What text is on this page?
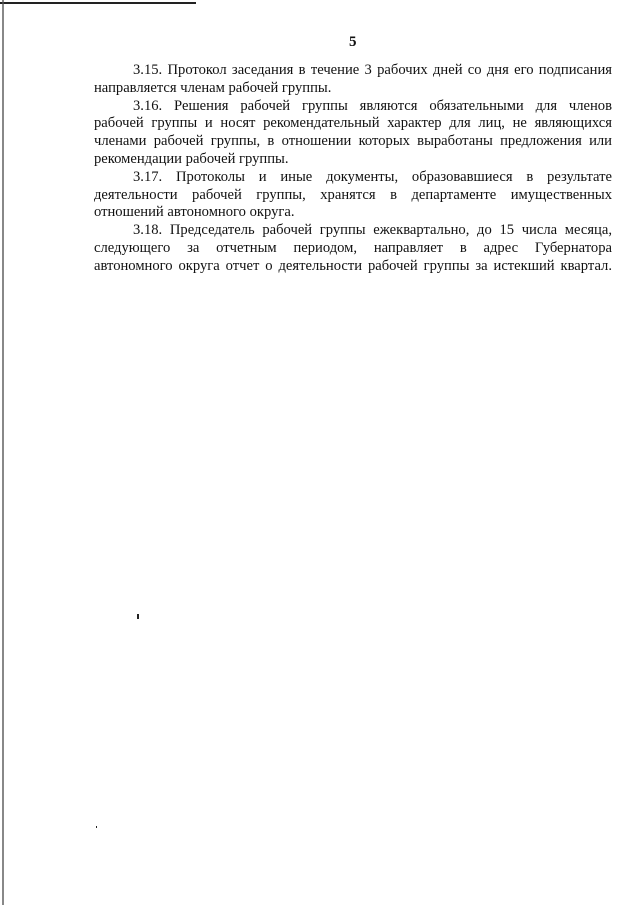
5
3.15. Протокол заседания в течение 3 рабочих дней со дня его подписания
направляется членам рабочей группы.
3.16. Решения рабочей группы являются обязательными для членов
рабочей группы и носят рекомендательный характер для лиц, не являющихся
членами рабочей группы, в отношении которых выработаны предложения или
рекомендации рабочей группы.
3.17. Протоколы и иные документы, образовавшиеся в результате
деятельности рабочей группы, хранятся в департаменте имущественных
отношений автономного округа.
3.18. Председатель рабочей группы ежеквартально, до 15 числа месяца,
следующего за отчетным периодом, направляет в адрес Губернатора
автономного округа отчет о деятельности рабочей группы за истекший квартал.
